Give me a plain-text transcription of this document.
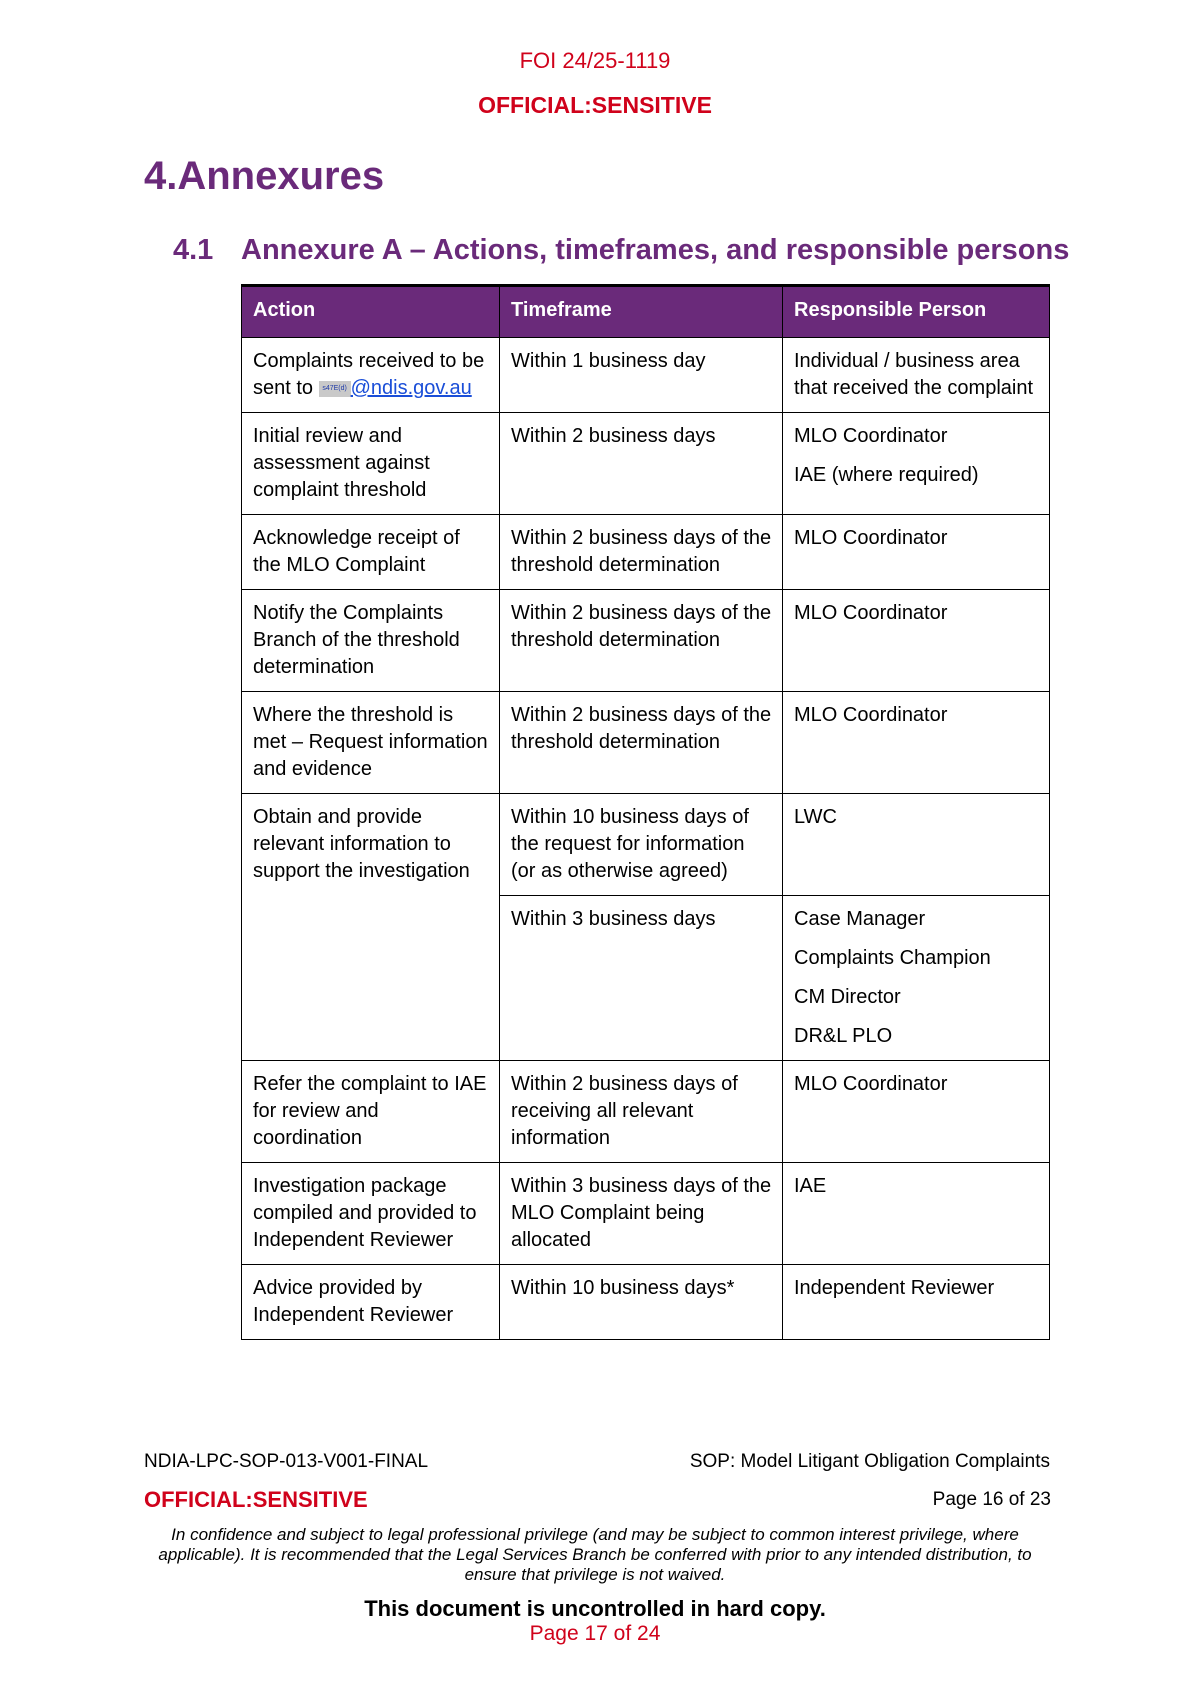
FOI 24/25-1119
OFFICIAL:SENSITIVE
4.Annexures
4.1 Annexure A – Actions, timeframes, and responsible persons
Action	Timeframe	Responsible Person
Complaints received to be sent to s47E(d) @ndis.gov.au	Within 1 business day	Individual / business area that received the complaint
Initial review and assessment against complaint threshold	Within 2 business days	MLO Coordinator
IAE (where required)

Acknowledge receipt of the MLO Complaint	Within 2 business days of the threshold determination	MLO Coordinator
Notify the Complaints Branch of the threshold determination	Within 2 business days of the threshold determination	MLO Coordinator
Where the threshold is met – Request information and evidence	Within 2 business days of the threshold determination	MLO Coordinator
Obtain and provide relevant information to support the investigation	Within 10 business days of the request for information (or as otherwise agreed)	LWC
	Within 3 business days	Case Manager
Complaints Champion
CM Director
DR&L PLO

Refer the complaint to IAE for review and coordination	Within 2 business days of receiving all relevant information	MLO Coordinator
Investigation package compiled and provided to Independent Reviewer	Within 3 business days of the MLO Complaint being allocated	IAE
Advice provided by Independent Reviewer	Within 10 business days*	Independent Reviewer
NDIA-LPC-SOP-013-V001-FINAL	SOP: Model Litigant Obligation Complaints
OFFICIAL:SENSITIVE	Page 16 of 23
In confidence and subject to legal professional privilege (and may be subject to common interest privilege, where applicable). It is recommended that the Legal Services Branch be conferred with prior to any intended distribution, to ensure that privilege is not waived.
This document is uncontrolled in hard copy.
Page 17 of 24
